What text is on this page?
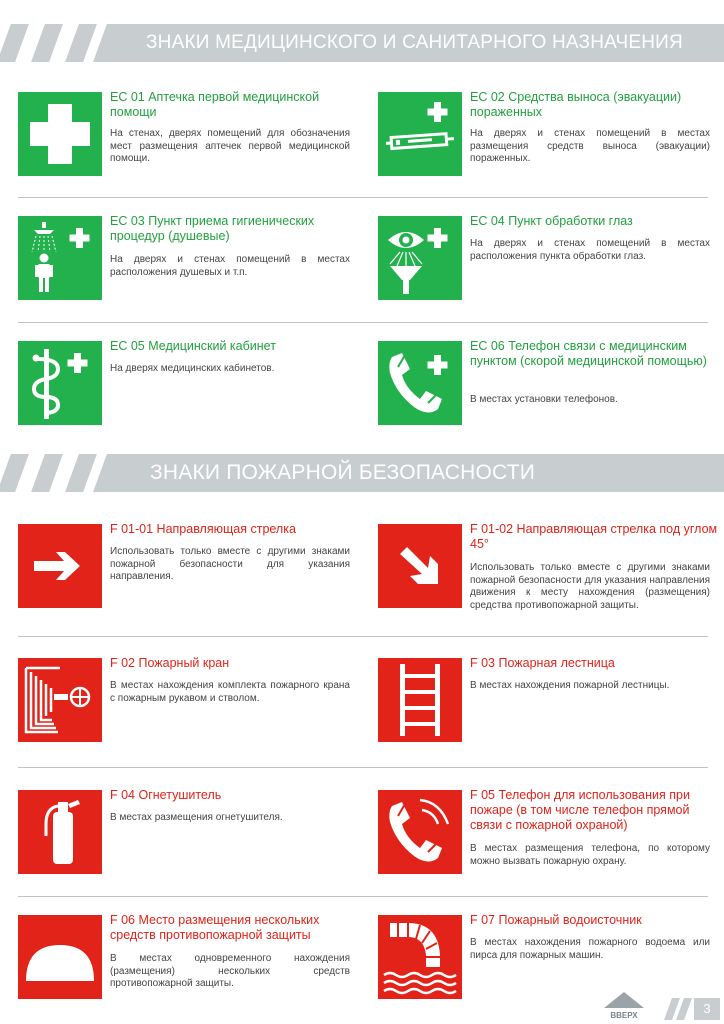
ЗНАКИ МЕДИЦИНСКОГО И САНИТАРНОГО НАЗНАЧЕНИЯ
ЕС 01 Аптечка первой медицинской помощи
На стенах, дверях помещений для обозначения мест размещения аптечек первой медицинской помощи.
ЕС 02 Средства выноса (эвакуации) пораженных
На дверях и стенах помещений в местах размещения средств выноса (эвакуации) пораженных.
ЕС 03 Пункт приема гигиенических процедур (душевые)
На дверях и стенах помещений в местах расположения душевых и т.п.
ЕС 04 Пункт обработки глаз
На дверях и стенах помещений в местах расположения пункта обработки глаз.
ЕС 05 Медицинский кабинет
На дверях медицинских кабинетов.
ЕС 06 Телефон связи с медицинским пунктом (скорой медицинской помощью)
В местах установки телефонов.
ЗНАКИ ПОЖАРНОЙ БЕЗОПАСНОСТИ
F 01-01 Направляющая стрелка
Использовать только вместе с другими знаками пожарной безопасности для указания направления.
F 01-02 Направляющая стрелка под углом 45°
Использовать только вместе с другими знаками пожарной безопасности для указания направления движения к месту нахождения (размещения) средства противопожарной защиты.
F 02 Пожарный кран
В местах нахождения комплекта пожарного крана с пожарным рукавом и стволом.
F 03 Пожарная лестница
В местах нахождения пожарной лестницы.
F 04 Огнетушитель
В местах размещения огнетушителя.
F 05 Телефон для использования при пожаре (в том числе телефон прямой связи с пожарной охраной)
В местах размещения телефона, по которому можно вызвать пожарную охрану.
F 06 Место размещения нескольких средств противопожарной защиты
В местах одновременного нахождения (размещения) нескольких средств противопожарной защиты.
F 07 Пожарный водоисточник
В местах нахождения пожарного водоема или пирса для пожарных машин.
ВВЕРХ	3
